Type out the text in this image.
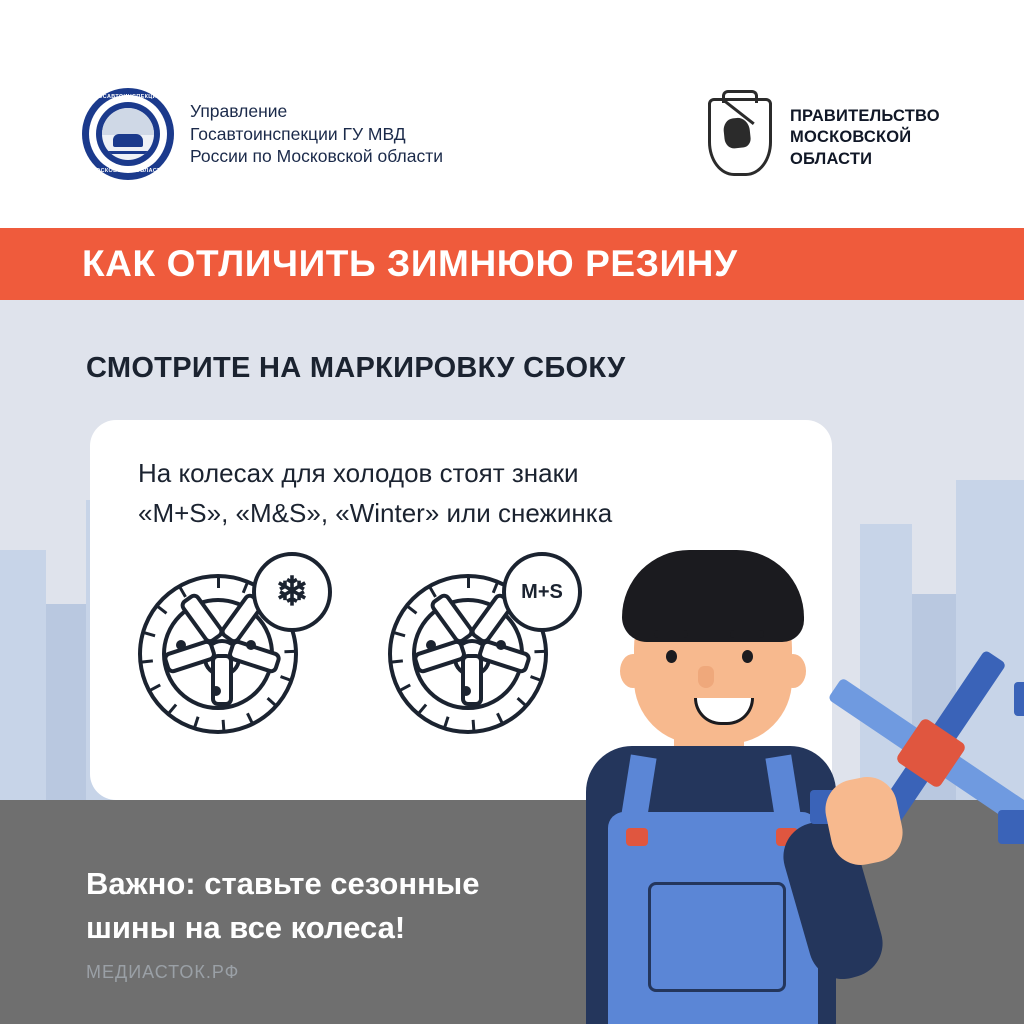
ГОСАВТОИНСПЕКЦИЯ
МОСКОВСКАЯ ОБЛАСТЬ
Управление
Госавтоинспекции ГУ МВД
России по Московской области
ПРАВИТЕЛЬСТВО
МОСКОВСКОЙ
ОБЛАСТИ
КАК ОТЛИЧИТЬ ЗИМНЮЮ РЕЗИНУ
СМОТРИТЕ НА МАРКИРОВКУ СБОКУ
На колесах для холодов стоят знаки
«M+S», «M&S», «Winter» или снежинка
❄	M+S
Важно: ставьте сезонные
шины на все колеса!
МЕДИАСТОК.РФ
